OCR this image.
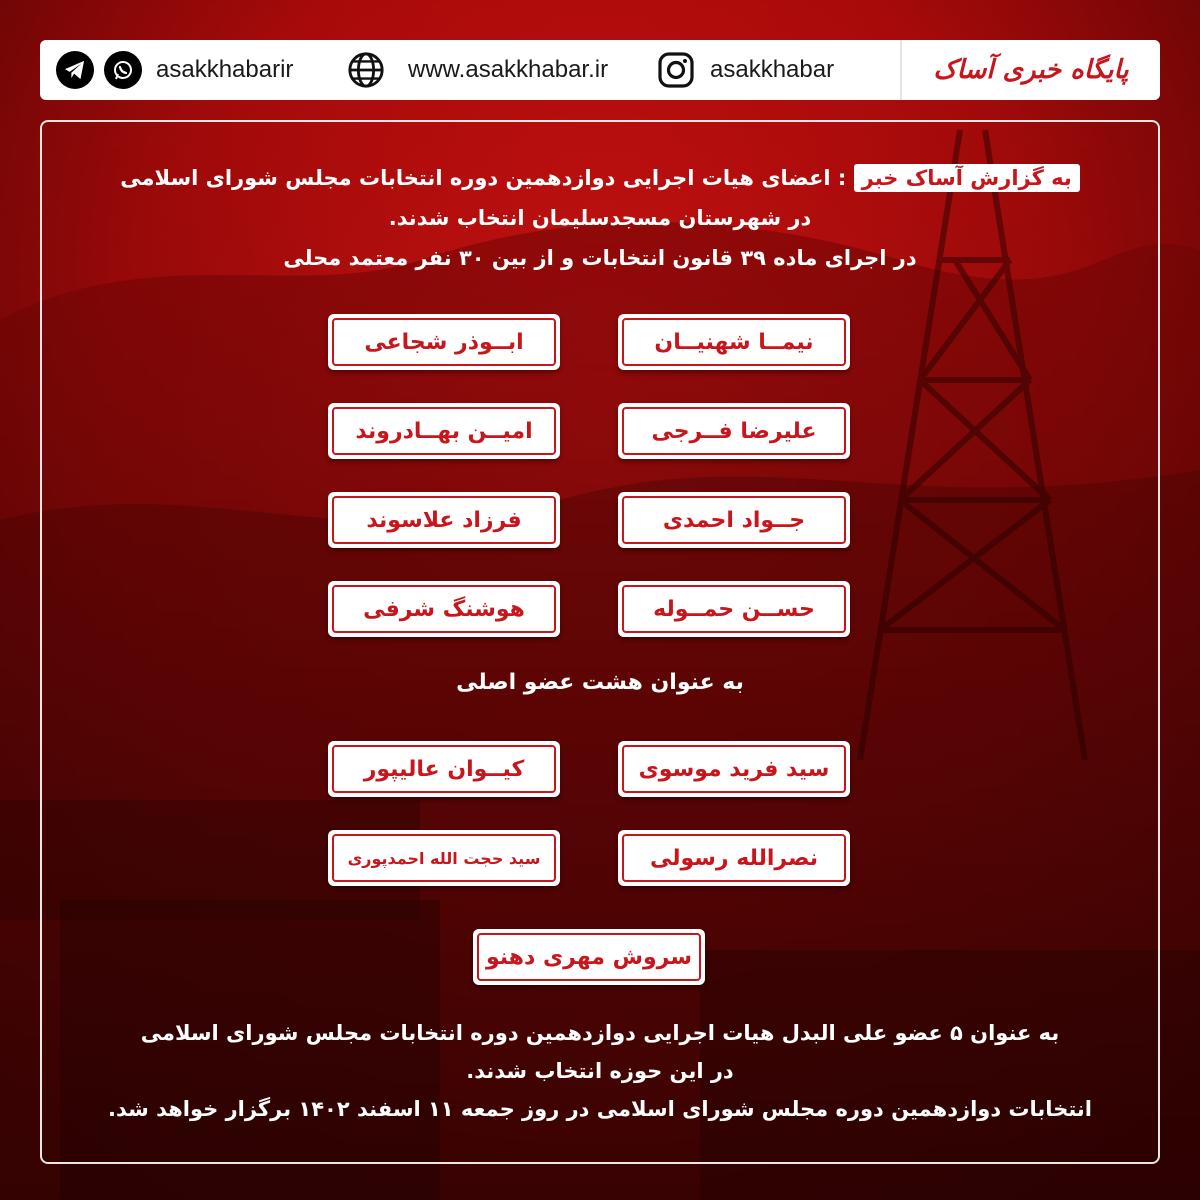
asakkhabarir	www.asakkhabar.ir	asakkhabar	پایگاه خبری آساک
به گزارش آساک خبر : اعضای هیات اجرایی دوازدهمین دوره انتخابات مجلس شورای اسلامی
در شهرستان مسجدسلیمان انتخاب شدند.
در اجرای ماده ۳۹ قانون انتخابات و از بین ۳۰ نفر معتمد محلی
نیمــا شهنیــان
ابــوذر شجاعی
علیرضا فــرجی
امیــن بهــادروند
جــواد احمدی
فرزاد علاسوند
حســن حمــوله
هوشنگ شرفی
به عنوان هشت عضو اصلی
سید فرید موسوی
کیــوان عالیپور
نصرالله رسولی
سید حجت الله احمدپوری
سروش مهری دهنو
به عنوان ۵ عضو علی البدل هیات اجرایی دوازدهمین دوره انتخابات مجلس شورای اسلامی
در این حوزه انتخاب شدند.
انتخابات دوازدهمین دوره مجلس شورای اسلامی در روز جمعه ۱۱ اسفند ۱۴۰۲ برگزار خواهد شد.
